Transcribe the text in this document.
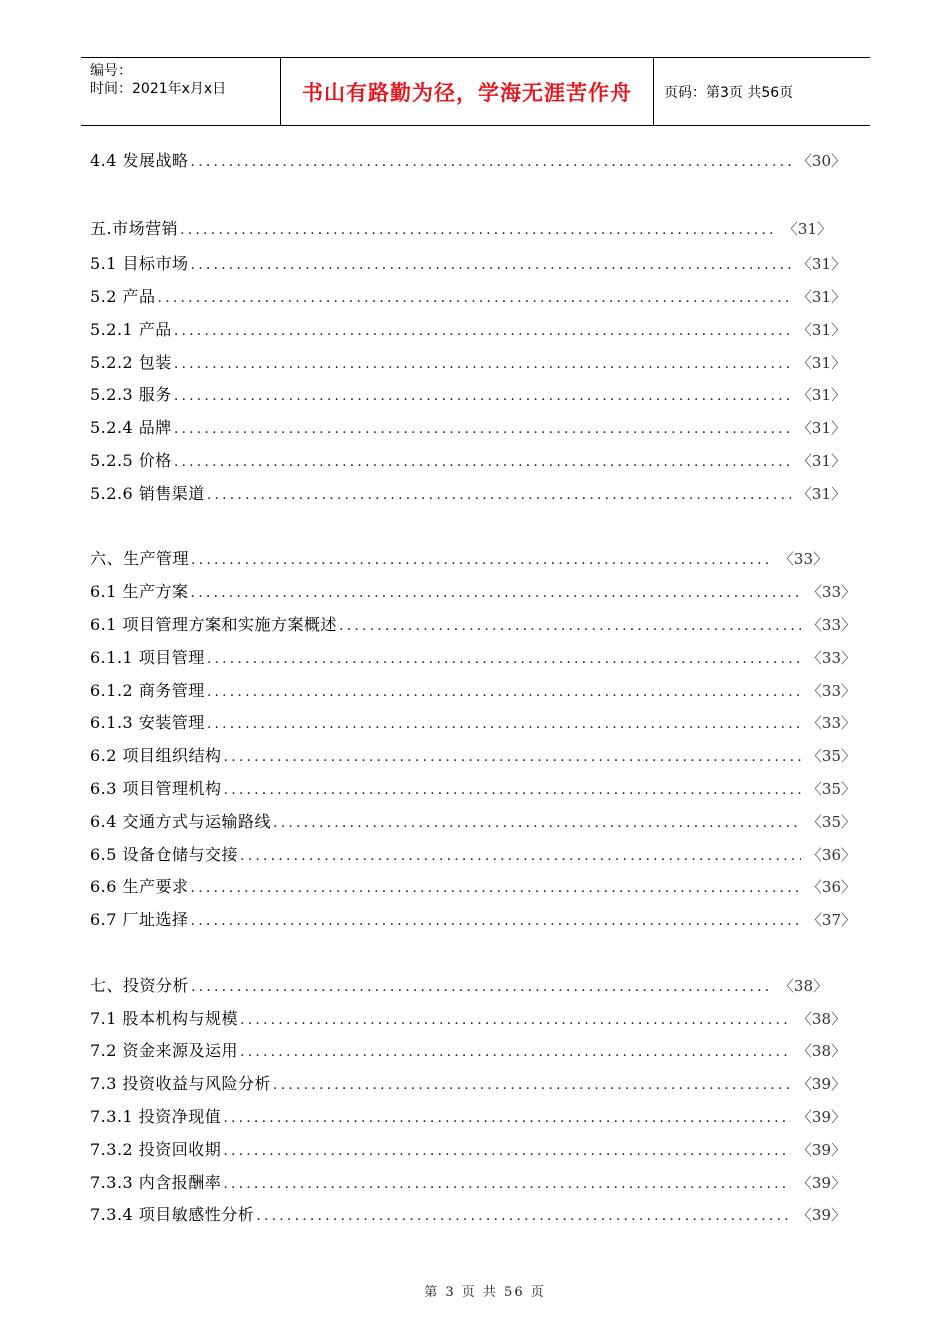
编号：
时间：2021年x月x日	书山有路勤为径，学海无涯苦作舟	页码：第3页 共56页
4.4 发展战略 .....	〈30〉
五.市场营销 .....	〈31〉
5.1 目标市场 .....	〈31〉
5.2 产品 .....	〈31〉
5.2.1 产品 .....	〈31〉
5.2.2 包装 .....	〈31〉
5.2.3 服务 .....	〈31〉
5.2.4 品牌 .....	〈31〉
5.2.5 价格 .....	〈31〉
5.2.6 销售渠道 .....	〈31〉
六、生产管理 .....	〈33〉
6.1 生产方案 .....	〈33〉
6.1 项目管理方案和实施方案概述 .....	〈33〉
6.1.1 项目管理 .....	〈33〉
6.1.2 商务管理 .....	〈33〉
6.1.3 安装管理 .....	〈33〉
6.2 项目组织结构 .....	〈35〉
6.3 项目管理机构 .....	〈35〉
6.4 交通方式与运输路线 .....	〈35〉
6.5 设备仓储与交接 .....	〈36〉
6.6 生产要求 .....	〈36〉
6.7 厂址选择 .....	〈37〉
七、投资分析 .....	〈38〉
7.1 股本机构与规模 .....	〈38〉
7.2 资金来源及运用 .....	〈38〉
7.3 投资收益与风险分析 .....	〈39〉
7.3.1 投资净现值 .....	〈39〉
7.3.2 投资回收期 .....	〈39〉
7.3.3 内含报酬率 .....	〈39〉
7.3.4 项目敏感性分析 .....	〈39〉
第 3 页 共 56 页
